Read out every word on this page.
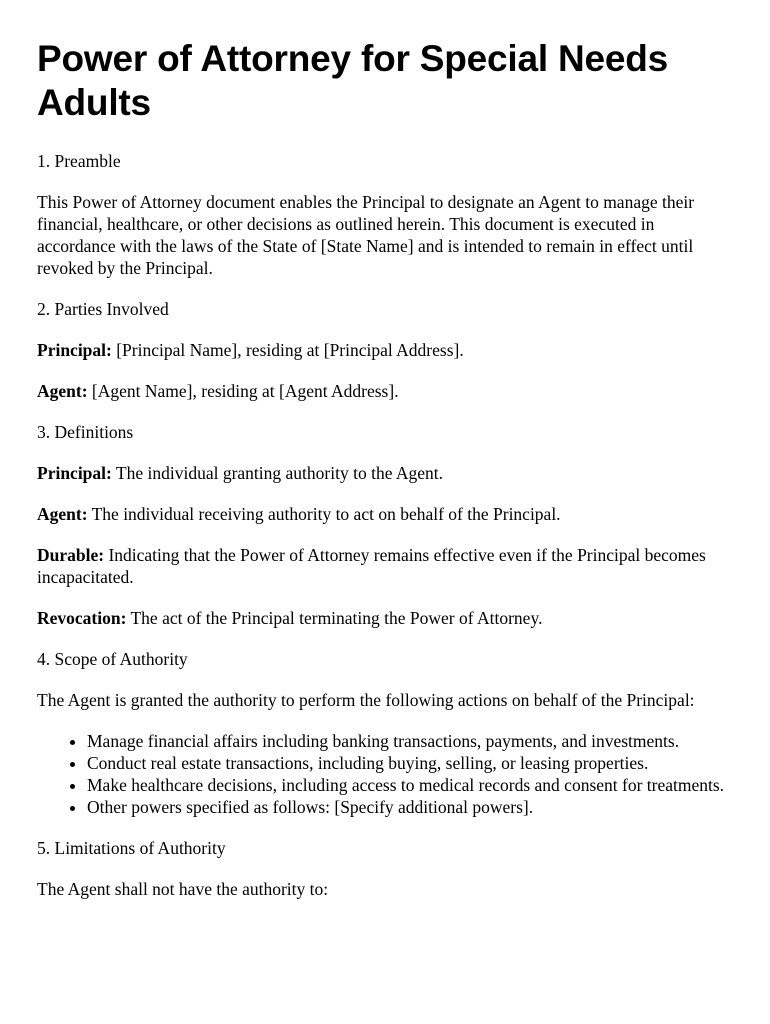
Power of Attorney for Special Needs Adults

1. Preamble

This Power of Attorney document enables the Principal to designate an Agent to manage their financial, healthcare, or other decisions as outlined herein. This document is executed in accordance with the laws of the State of [State Name] and is intended to remain in effect until revoked by the Principal.

2. Parties Involved

Principal: [Principal Name], residing at [Principal Address].

Agent: [Agent Name], residing at [Agent Address].

3. Definitions

Principal: The individual granting authority to the Agent.

Agent: The individual receiving authority to act on behalf of the Principal.

Durable: Indicating that the Power of Attorney remains effective even if the Principal becomes incapacitated.

Revocation: The act of the Principal terminating the Power of Attorney.

4. Scope of Authority

The Agent is granted the authority to perform the following actions on behalf of the Principal:

• Manage financial affairs including banking transactions, payments, and investments.
• Conduct real estate transactions, including buying, selling, or leasing properties.
• Make healthcare decisions, including access to medical records and consent for treatments.
• Other powers specified as follows: [Specify additional powers].

5. Limitations of Authority

The Agent shall not have the authority to:
